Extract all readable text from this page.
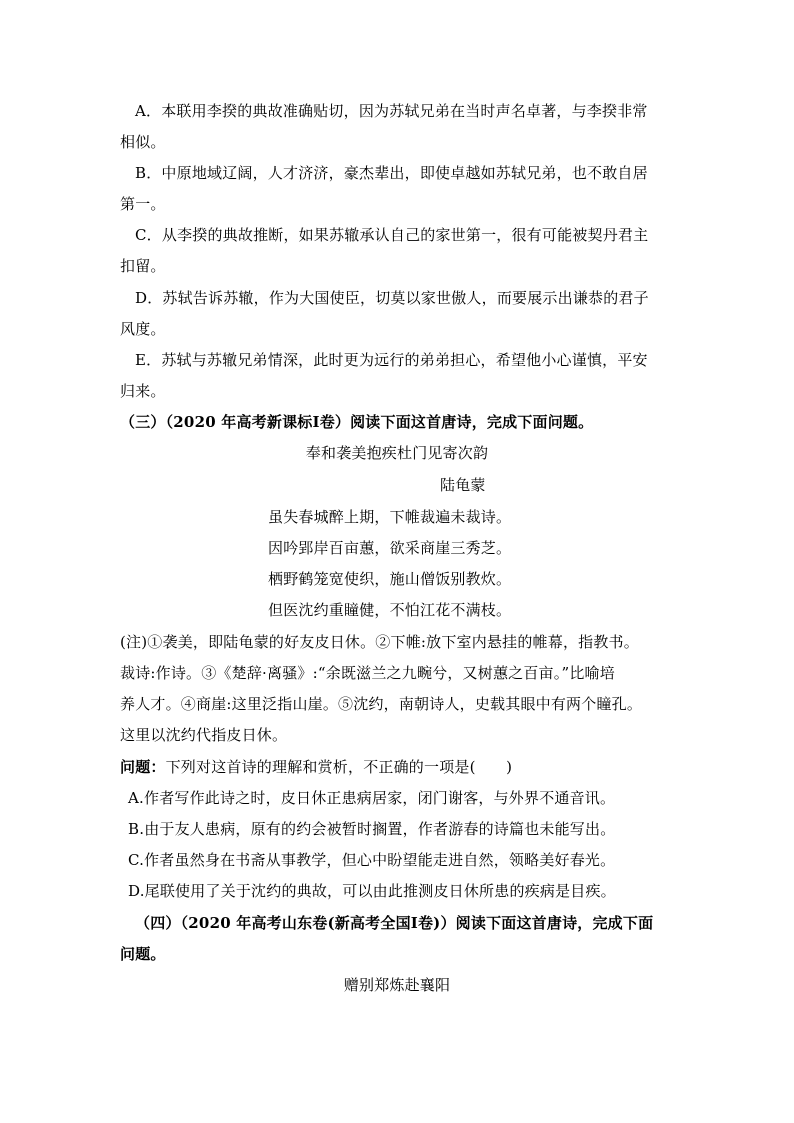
A．本联用李揆的典故准确贴切，因为苏轼兄弟在当时声名卓著，与李揆非常
相似。
B．中原地域辽阔，人才济济，豪杰辈出，即使卓越如苏轼兄弟，也不敢自居
第一。
C．从李揆的典故推断，如果苏辙承认自己的家世第一，很有可能被契丹君主
扣留。
D．苏轼告诉苏辙，作为大国使臣，切莫以家世傲人，而要展示出谦恭的君子
风度。
E．苏轼与苏辙兄弟情深，此时更为远行的弟弟担心，希望他小心谨慎，平安
归来。
（三）（2020 年高考新课标Ⅰ卷）阅读下面这首唐诗，完成下面问题。
奉和袭美抱疾杜门见寄次韵
陆龟蒙
虽失春城醉上期，下帷裁遍未裁诗。
因吟郢岸百亩蕙，欲采商崖三秀芝。
栖野鹤笼宽使织，施山僧饭别教炊。
但医沈约重瞳健，不怕江花不满枝。
(注)①袭美，即陆龟蒙的好友皮日休。②下帷:放下室内悬挂的帷幕，指教书。
裁诗:作诗。③《楚辞·离骚》:“余既滋兰之九畹兮，又树蕙之百亩。”比喻培
养人才。④商崖:这里泛指山崖。⑤沈约，南朝诗人，史载其眼中有两个瞳孔。
这里以沈约代指皮日休。
问题：下列对这首诗的理解和赏析，不正确的一项是(　　)
A.作者写作此诗之时，皮日休正患病居家，闭门谢客，与外界不通音讯。
B.由于友人患病，原有的约会被暂时搁置，作者游春的诗篇也未能写出。
C.作者虽然身在书斋从事教学，但心中盼望能走进自然，领略美好春光。
D.尾联使用了关于沈约的典故，可以由此推测皮日休所患的疾病是目疾。
（四）（2020 年高考山东卷(新高考全国Ⅰ卷)）阅读下面这首唐诗，完成下面
问题。
赠别郑炼赴襄阳
